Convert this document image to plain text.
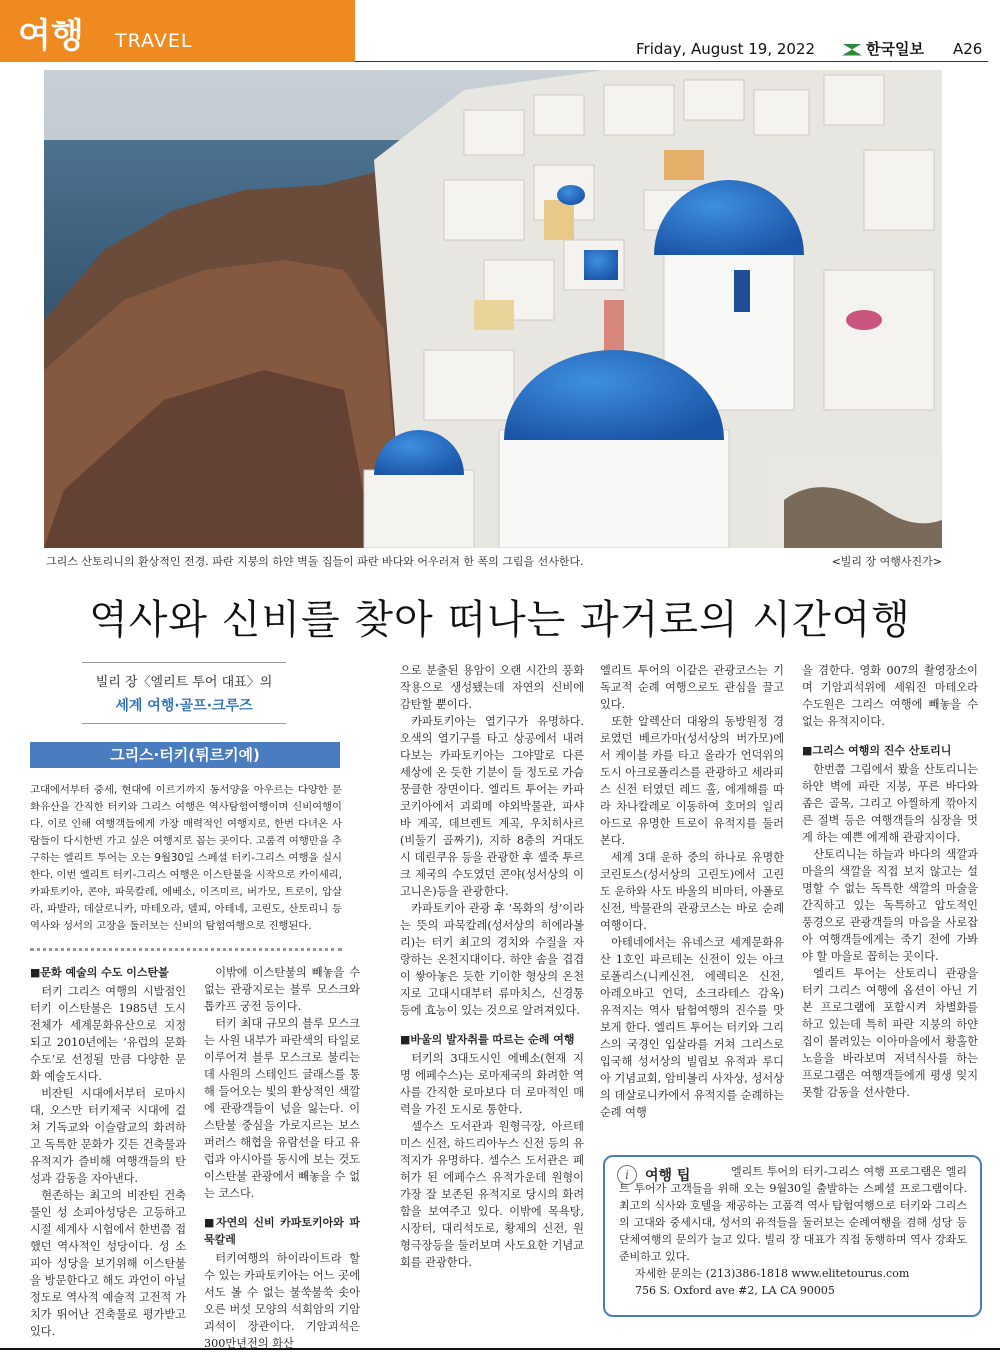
여행 TRAVEL	Friday, August 19, 2022	한국일보 A26
그리스 산토리니의 환상적인 전경. 파란 지붕의 하얀 벽돌 집들이 파란 바다와 어우러져 한 폭의 그림을 선사한다.	<빌리 장 여행사진가>
역사와 신비를 찾아 떠나는 과거로의 시간여행
빌리 장〈엘리트 투어 대표〉의
세계 여행·골프·크루즈
그리스·터키(튀르키예)
고대에서부터 중세, 현대에 이르기까지 동서양을 아우르는 다양한 문화유산을 간직한 터키와 그리스 여행은 역사탐험여행이며 신비여행이다. 이로 인해 여행객들에게 가장 매력적인 여행지로, 한번 다녀온 사람들이 다시한번 가고 싶은 여행지로 꼽는 곳이다. 고품격 여행만을 추구하는 엘리트 투어는 오는 9월30일 스페셜 터키-그리스 여행을 실시한다. 이번 엘리트 터키-그리스 여행은 이스탄불을 시작으로 카이세리, 카파토키아, 콘야, 파묵칼레, 에베소, 이즈미르, 버가모, 트로이, 압살라, 파발라, 데살로니카, 마테오라, 델피, 아테네, 고린도, 산토리니 등 역사와 성서의 고장을 둘러보는 신비의 탐험여행으로 진행된다.

■문화 예술의 수도 이스탄불

터키 그리스 여행의 시발점인 터키 이스탄불은 1985년 도시전체가 세계문화유산으로 지정되고 2010년에는 ‘유럽의 문화수도’로 선정될 만큼 다양한 문화 예술도시다.

비잔틴 시대에서부터 로마시대, 오스만 터키제국 시대에 걸쳐 기독교와 이슬람교의 화려하고 독특한 문화가 깃든 건축물과 유적지가 즐비해 여행객들의 탄성과 감동을 자아낸다.

현존하는 최고의 비잔틴 건축물인 성 소피아성당은 고등하고 시절 세계사 시험에서 한번쯤 접했던 역사적인 성당이다. 성 소피아 성당을 보기위해 이스탄불을 방문한다고 해도 과언이 아닐 정도로 역사적 예술적 고전적 가치가 뛰어난 건축물로 평가받고 있다.

이밖에 이스탄불의 빼놓을 수 없는 관광지로는 블루 모스크와 톱카프 궁전 등이다.

터키 최대 규모의 블루 모스크는 사원 내부가 파란색의 타일로 이루어져 블루 모스크로 불리는데 사원의 스테인드 글래스를 통해 들어오는 빛의 환상적인 색깔에 관광객들이 넋을 잃는다. 이스탄불 중심을 가로지르는 보스퍼러스 해협을 유람선을 타고 유럽과 아시아를 동시에 보는 것도 이스탄불 관광에서 빼놓을 수 없는 코스다.

■자연의 신비 카파토키아와 파묵칼레

터키여행의 하이라이트라 할 수 있는 카파토키아는 어느 곳에서도 볼 수 없는 불쑥불쑥 솟아오른 버섯 모양의 석회암의 기암괴석이 장관이다. 기암괴석은 300만년전의 화산

으로 분출된 용암이 오랜 시간의 풍화작용으로 생성됐는데 자연의 신비에 감탄할 뿐이다.

카파토키아는 열기구가 유명하다. 오색의 열기구를 타고 상공에서 내려다보는 카파토키아는 그야말로 다른 세상에 온 듯한 기분이 들 정도로 가슴 뭉클한 장면이다. 엘리트 투어는 카파코키아에서 괴뢰메 야외박물관, 파샤바 계곡, 데브렌트 계곡, 우치히사르(비둘기 골짜기), 지하 8층의 거대도시 데린쿠유 등을 관광한 후 셀죽 투르크 제국의 수도였던 콘야(성서상의 이고니온)등을 관광한다.

카파토키아 관광 후 ‘목화의 성’이라는 뜻의 파묵칼레(성서상의 히에라볼리)는 터키 최고의 경치와 수질을 자랑하는 온천지대이다. 하얀 솜을 겹겹이 쌓아놓은 듯한 기이한 형상의 온천지로 고대시대부터 류마치스, 신경통 등에 효능이 있는 것으로 알려져있다.

■바울의 발자취를 따르는 순례 여행

터키의 3대도시인 에베소(현재 지명 에페수스)는 로마제국의 화려한 역사를 간직한 로마보다 더 로마적인 매력을 가진 도시로 통한다.

셀수스 도서관과 원형극장, 아르테미스 신전, 하드리아누스 신전 등의 유적지가 유명하다. 셀수스 도서관은 폐허가 된 에페수스 유적가운데 원형이 가장 잘 보존된 유적지로 당시의 화려함을 보여주고 있다. 이밖에 목욕탕, 시장터, 대리석도로, 황제의 신전, 원형극장등을 둘러보며 사도요한 기념교회를 관광한다.

엘리트 투어의 이같은 관광코스는 기독교적 순례 여행으로도 관심을 끌고 있다.

또한 알렉산더 대왕의 동방원정 경로였던 베르가마(성서상의 버가모)에서 케이블 카를 타고 올라가 언덕위의 도시 아크로폴리스를 관광하고 세라피스 신전 터였던 레드 홀, 에게해를 따라 차나칼레로 이동하여 호머의 일리아드로 유명한 트로이 유적지를 둘러본다.

세계 3대 운하 중의 하나로 유명한 코린토스(성서상의 고린도)에서 고린도 운하와 사도 바울의 비마터, 아폴로 신전, 박물관의 관광코스는 바로 순례 여행이다.

아테네에서는 유네스코 세계문화유산 1호인 파르테논 신전이 있는 아크로폴리스(니케신전, 에렉티온 신전, 아레오바고 언덕, 소크라테스 감옥) 유적지는 역사 탐험여행의 진수를 맛보게 한다. 엘리트 투어는 터키와 그리스의 국경인 입살라를 거쳐 그리스로 입국해 성서상의 빌립보 유적과 루디아 기념교회, 암비볼리 사자상, 성서상의 데살로니카에서 유적지를 순례하는 순례 여행

을 겸한다. 영화 007의 촬영장소이며 기암괴석위에 세워진 마테오라 수도원은 그리스 여행에 빼놓을 수 없는 유적지이다.

■그리스 여행의 진수 산토리니

한번쯤 그림에서 봤을 산토리니는 하얀 벽에 파란 지붕, 푸른 바다와 좁은 골목, 그리고 아찔하게 깎아지른 절벽 등은 여행객들의 심장을 멋게 하는 예쁜 에게해 관광지이다.

산토리니는 하늘과 바다의 색깔과 마을의 색깔을 직접 보지 않고는 설명할 수 없는 독특한 색깔의 마술을 간직하고 있는 독특하고 압도적인 풍경으로 관광객들의 마음을 사로잡아 여행객들에게는 죽기 전에 가봐야 할 마을로 꼽히는 곳이다.

엘리트 투어는 산토리니 관광을 터키 그리스 여행에 옵션이 아닌 기본 프로그램에 포함시켜 차별화를 하고 있는데 특히 파란 지붕의 하얀 집이 몰려있는 이아마을에서 황홀한 노을을 바라보며 저녁식사를 하는 프로그램은 여행객들에게 평생 잊지못할 감동을 선사한다.

i	여행 팁	엘리트 투어의 터키-그리스 여행 프로그램은 엘리트 투어가 고객들을 위해 오는 9월30일 출발하는 스페셜 프로그램이다. 최고의 식사와 호텔을 제공하는 고품격 역사 탐험여행으로 터키와 그리스의 고대와 중세시대, 성서의 유적들을 둘러보는 순례여행을 겸해 성당 등 단체여행의 문의가 늘고 있다. 빌리 장 대표가 직접 동행하며 역사 강좌도 준비하고 있다.

자세한 문의는 (213)386-1818 www.elitetourus.com

756 S. Oxford ave #2, LA CA 90005
